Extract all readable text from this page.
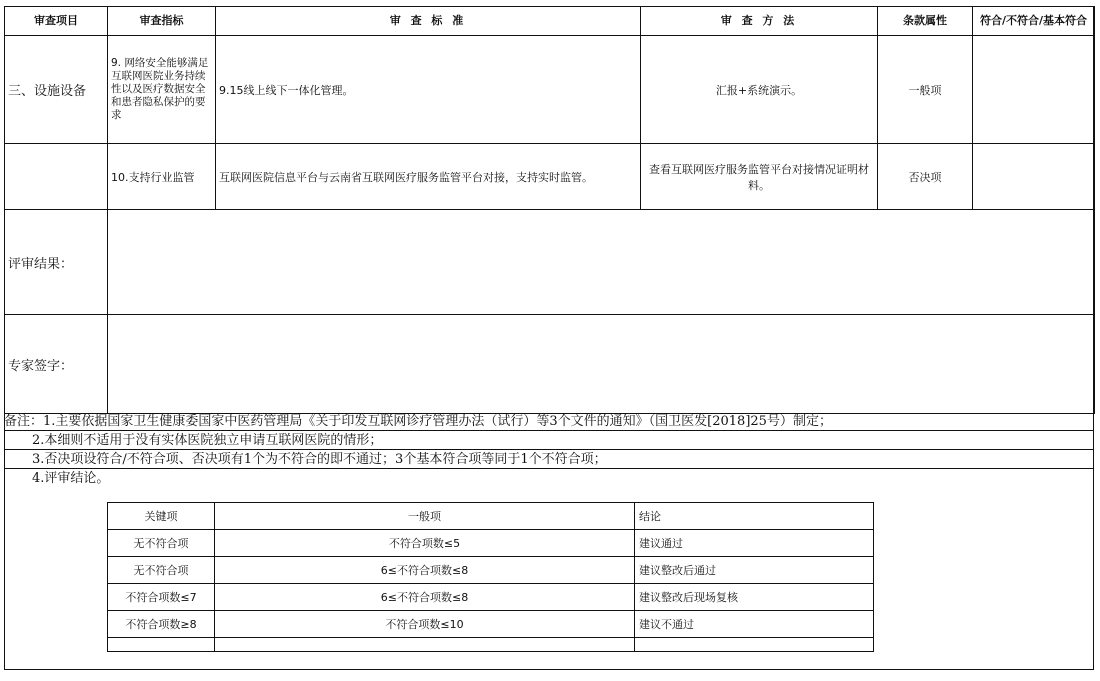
审查项目	审查指标	审 查 标 准	审 查 方 法	条款属性	符合/不符合/基本符合
三、设施设备	9. 网络安全能够满足互联网医院业务持续性以及医疗数据安全和患者隐私保护的要求	9.15线上线下一体化管理。	汇报+系统演示。	一般项	
	10.支持行业监管	互联网医院信息平台与云南省互联网医疗服务监管平台对接，支持实时监管。	查看互联网医疗服务监管平台对接情况证明材料。	否决项	
评审结果：					
专家签字：					
备注：1.主要依据国家卫生健康委国家中医药管理局《关于印发互联网诊疗管理办法（试行）等3个文件的通知》（国卫医发[2018]25号）制定；
2.本细则不适用于没有实体医院独立申请互联网医院的情形；
3.否决项设符合/不符合项、否决项有1个为不符合的即不通过；3个基本符合项等同于1个不符合项；
4.评审结论。
关键项	一般项	结论
无不符合项	不符合项数≤5	建议通过
无不符合项	6≤不符合项数≤8	建议整改后通过
不符合项数≤7	6≤不符合项数≤8	建议整改后现场复核
不符合项数≥8	不符合项数≤10	建议不通过
